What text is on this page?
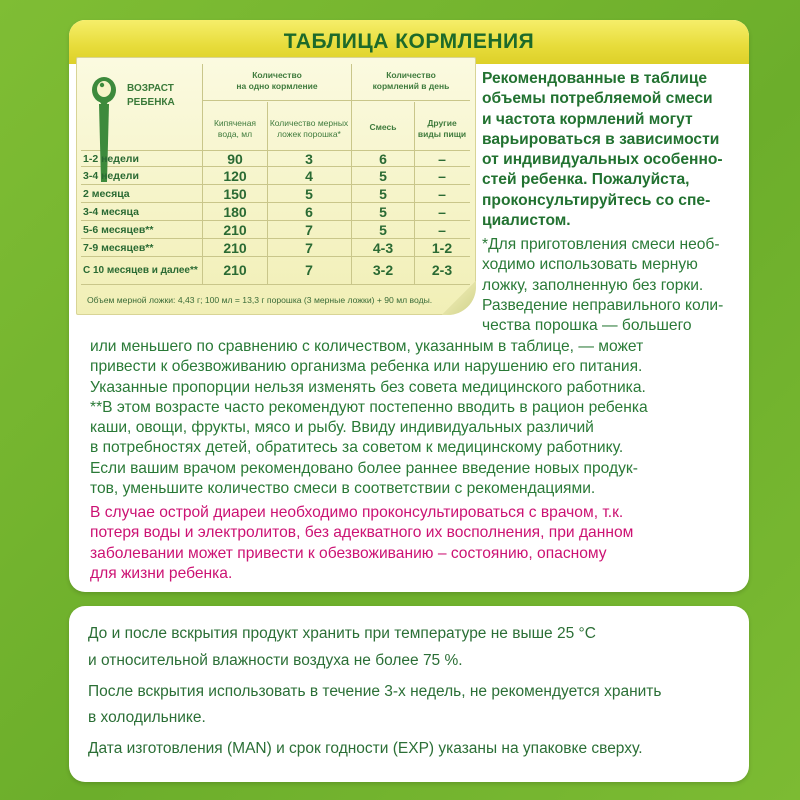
ТАБЛИЦА КОРМЛЕНИЯ
ВОЗРАСТ
РЕБЕНКА
Количество
на одно кормление
Количество
кормлений в день
Кипяченая
вода, мл
Количество мерных
ложек порошка*
Смесь	Другие
виды пищи
1-2 недели	90	3	6	–
3-4 недели	120	4	5	–
2 месяца	150	5	5	–
3-4 месяца	180	6	5	–
5-6 месяцев**	210	7	5	–
7-9 месяцев**	210	7	4-3	1-2
С 10 месяцев и далее**	210	7	3-2	2-3
Объем мерной ложки: 4,43 г; 100 мл = 13,3 г порошка (3 мерные ложки) + 90 мл воды.
Рекомендованные в таблице
объемы потребляемой смеси
и частота кормлений могут
варьироваться в зависимости
от индивидуальных особенно-
стей ребенка. Пожалуйста,
проконсультируйтесь со спе-
циалистом.
*Для приготовления смеси необ-
ходимо использовать мерную
ложку, заполненную без горки.
Разведение неправильного коли-
чества порошка — большего
или меньшего по сравнению с количеством, указанным в таблице, — может
привести к обезвоживанию организма ребенка или нарушению его питания.
Указанные пропорции нельзя изменять без совета медицинского работника.
**В этом возрасте часто рекомендуют постепенно вводить в рацион ребенка
каши, овощи, фрукты, мясо и рыбу. Ввиду индивидуальных различий
в потребностях детей, обратитесь за советом к медицинскому работнику.
Если вашим врачом рекомендовано более раннее введение новых продук-
тов, уменьшите количество смеси в соответствии с рекомендациями.
В случае острой диареи необходимо проконсультироваться с врачом, т.к.
потеря воды и электролитов, без адекватного их восполнения, при данном
заболевании может привести к обезвоживанию – состоянию, опасному
для жизни ребенка.
До и после вскрытия продукт хранить при температуре не выше 25 °С
и относительной влажности воздуха не более 75 %.
После вскрытия использовать в течение 3-х недель, не рекомендуется хранить
в холодильнике.
Дата изготовления (MAN) и срок годности (EXP) указаны на упаковке сверху.
